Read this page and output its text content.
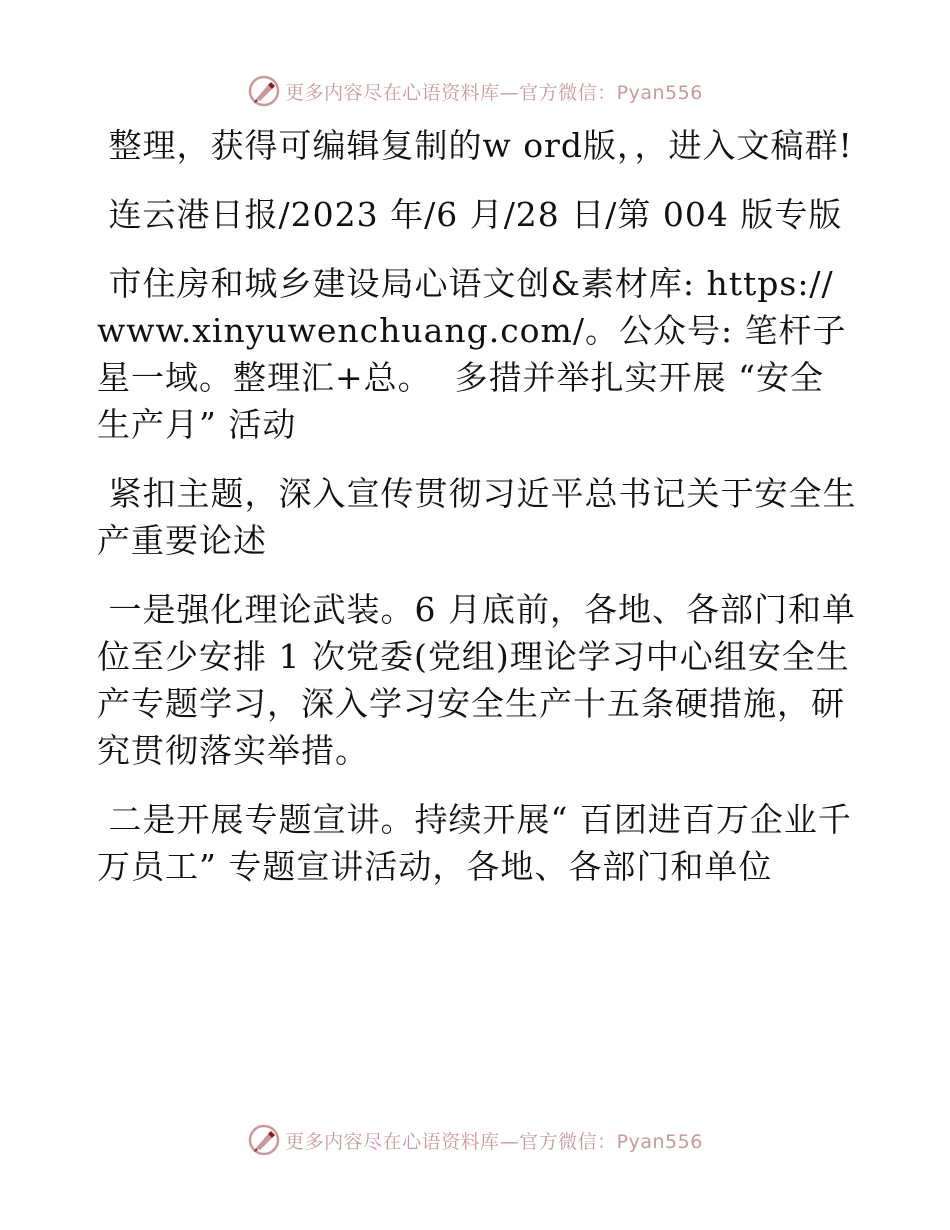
更多内容尽在心语资料库—官方微信：Pyan556

整理，获得可编辑复制的w ord版，，进入文稿群!

连云港日报/2023 年/6 月/28 日/第 004 版专版

市住房和城乡建设局心语文创&素材库: https://www.xinyuwenchuang.com/。公众号: 笔杆子星一域。整理汇+总。  多措并举扎实开展 “安全生产月” 活动

紧扣主题，深入宣传贯彻习近平总书记关于安全生产重要论述

一是强化理论武装。6 月底前，各地、各部门和单位至少安排 1 次党委(党组)理论学习中心组安全生产专题学习，深入学习安全生产十五条硬措施，研究贯彻落实举措。

二是开展专题宣讲。持续开展“ 百团进百万企业千万员工” 专题宣讲活动，各地、各部门和单位

更多内容尽在心语资料库—官方微信：Pyan556
